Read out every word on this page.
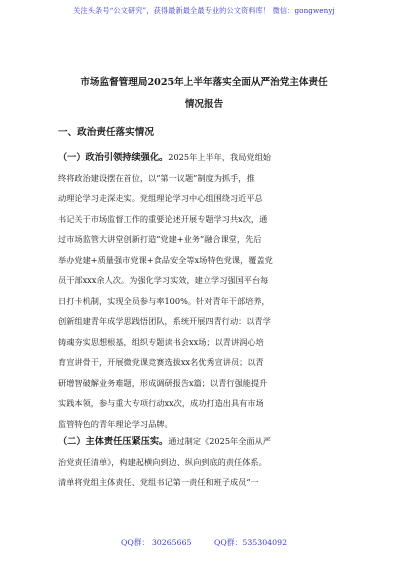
关注头条号“公文研究”，获得最新最全最专业的公文资料库！ 微信：gongwenyj
市场监督管理局2025年上半年落实全面从严治党主体责任
情况报告
一、政治责任落实情况
（一）政治引领持续强化。2025年上半年，我局党组始
终将政治建设摆在首位，以“第一议题”制度为抓手，推
动理论学习走深走实。党组理论学习中心组围绕习近平总
书记关于市场监督工作的重要论述开展专题学习共x次，通
过市场监管大讲堂创新打造“党建+业务”融合课堂，先后
举办党建+质量强市党课+食品安全等x场特色党课，覆盖党
员干部xxx余人次。为强化学习实效，建立学习强国平台每
日打卡机制，实现全员参与率100%。针对青年干部培养，
创新组建青年成学思践悟团队，系统开展四青行动：以青学
铸魂夯实思想根基，组织专题读书会xx场；以青讲润心培
育宣讲骨干，开展微党课竞赛选拔xx名优秀宣讲员；以青
研增智破解业务难题，形成调研报告x篇；以青行强能提升
实践本领，参与重大专项行动xx次，成功打造出具有市场
监管特色的青年理论学习品牌。
（二）主体责任压紧压实。通过制定《2025年全面从严
治党责任清单》，构建起横向到边、纵向到底的责任体系。
清单将党组主体责任、党组书记第一责任和班子成员“一
QQ群： 30265665	QQ群：535304092
